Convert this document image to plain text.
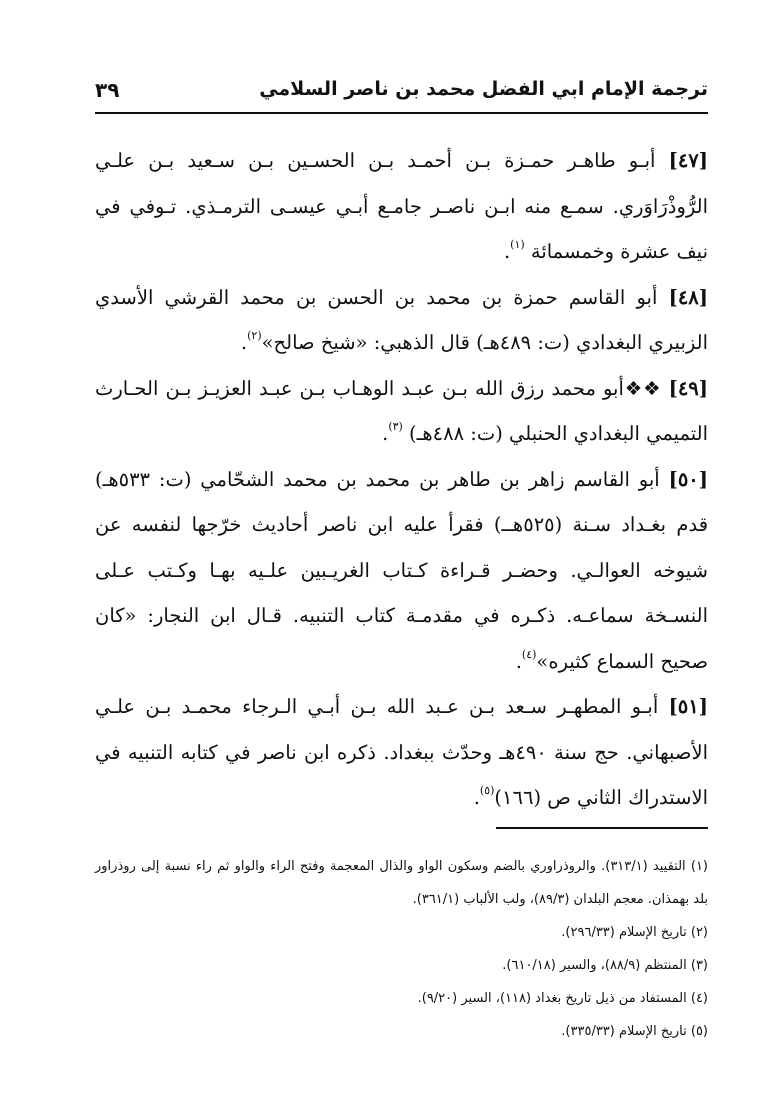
ترجمة الإمام ابي الفضل محمد بن ناصر السلامي
٣٩

[٤٧] أبـو طاهـر حمـزة بـن أحمـد بـن الحسـين بـن سـعيد بـن علـي الرُّوذْرَاوَري. سمـع منه ابـن ناصـر جامـع أبـي عيسـى الترمـذي. تـوفي في نيف عشرة وخمسمائة $^{(١)}$.

[٤٨] أبو القاسم حمزة بن محمد بن الحسن بن محمد القرشي الأسدي الزبيري البغدادي (ت: ٤٨٩هـ) قال الذهبي: «شيخ صالح»$^{(٢)}$.

[٤٩] ❖❖أبو محمد رزق الله بـن عبـد الوهـاب بـن عبـد العزيـز بـن الحـارث التميمي البغدادي الحنبلي (ت: ٤٨٨هـ) $^{(٣)}$.

[٥٠] أبو القاسم زاهر بن طاهر بن محمد بن محمد الشحّامي (ت: ٥٣٣هـ) قدم بغـداد سـنة (٥٢٥هــ) فقرأ عليه ابن ناصر أحاديث خرّجها لنفسه عن شيوخه العوالـي. وحضـر قـراءة كـتاب الغريـبين علـيه بهـا وكـتب عـلى النسـخة سماعـه. ذكـره في مقدمـة كتاب التنبيه. قـال ابن النجار: «كان صحيح السماع كثيره»$^{(٤)}$.

[٥١] أبـو المطهـر سـعد بـن عـبد الله بـن أبـي الـرجاء محمـد بـن علـي الأصبهاني. حج سنة ٤٩٠هـ وحدّث ببغداد. ذكره ابن ناصر في كتابه التنبيه في الاستدراك الثاني ص (١٦٦)$^{(٥)}$.

(١) التقييد (٣١٣/١). والروذراوري بالضم وسكون الواو والذال المعجمة وفتح الراء والواو ثم راء نسبة إلى روذراور بلد بهمذان. معجم البلدان (٨٩/٣)، ولب الألباب (٣٦١/١).

(٢) تاريخ الإسلام (٢٩٦/٣٣).

(٣) المنتظم (٨٨/٩)، والسير (٦١٠/١٨).

(٤) المستفاد من ذيل تاريخ بغداد (١١٨)، السير (٩/٢٠).

(٥) تاريخ الإسلام (٣٣٥/٣٣).
